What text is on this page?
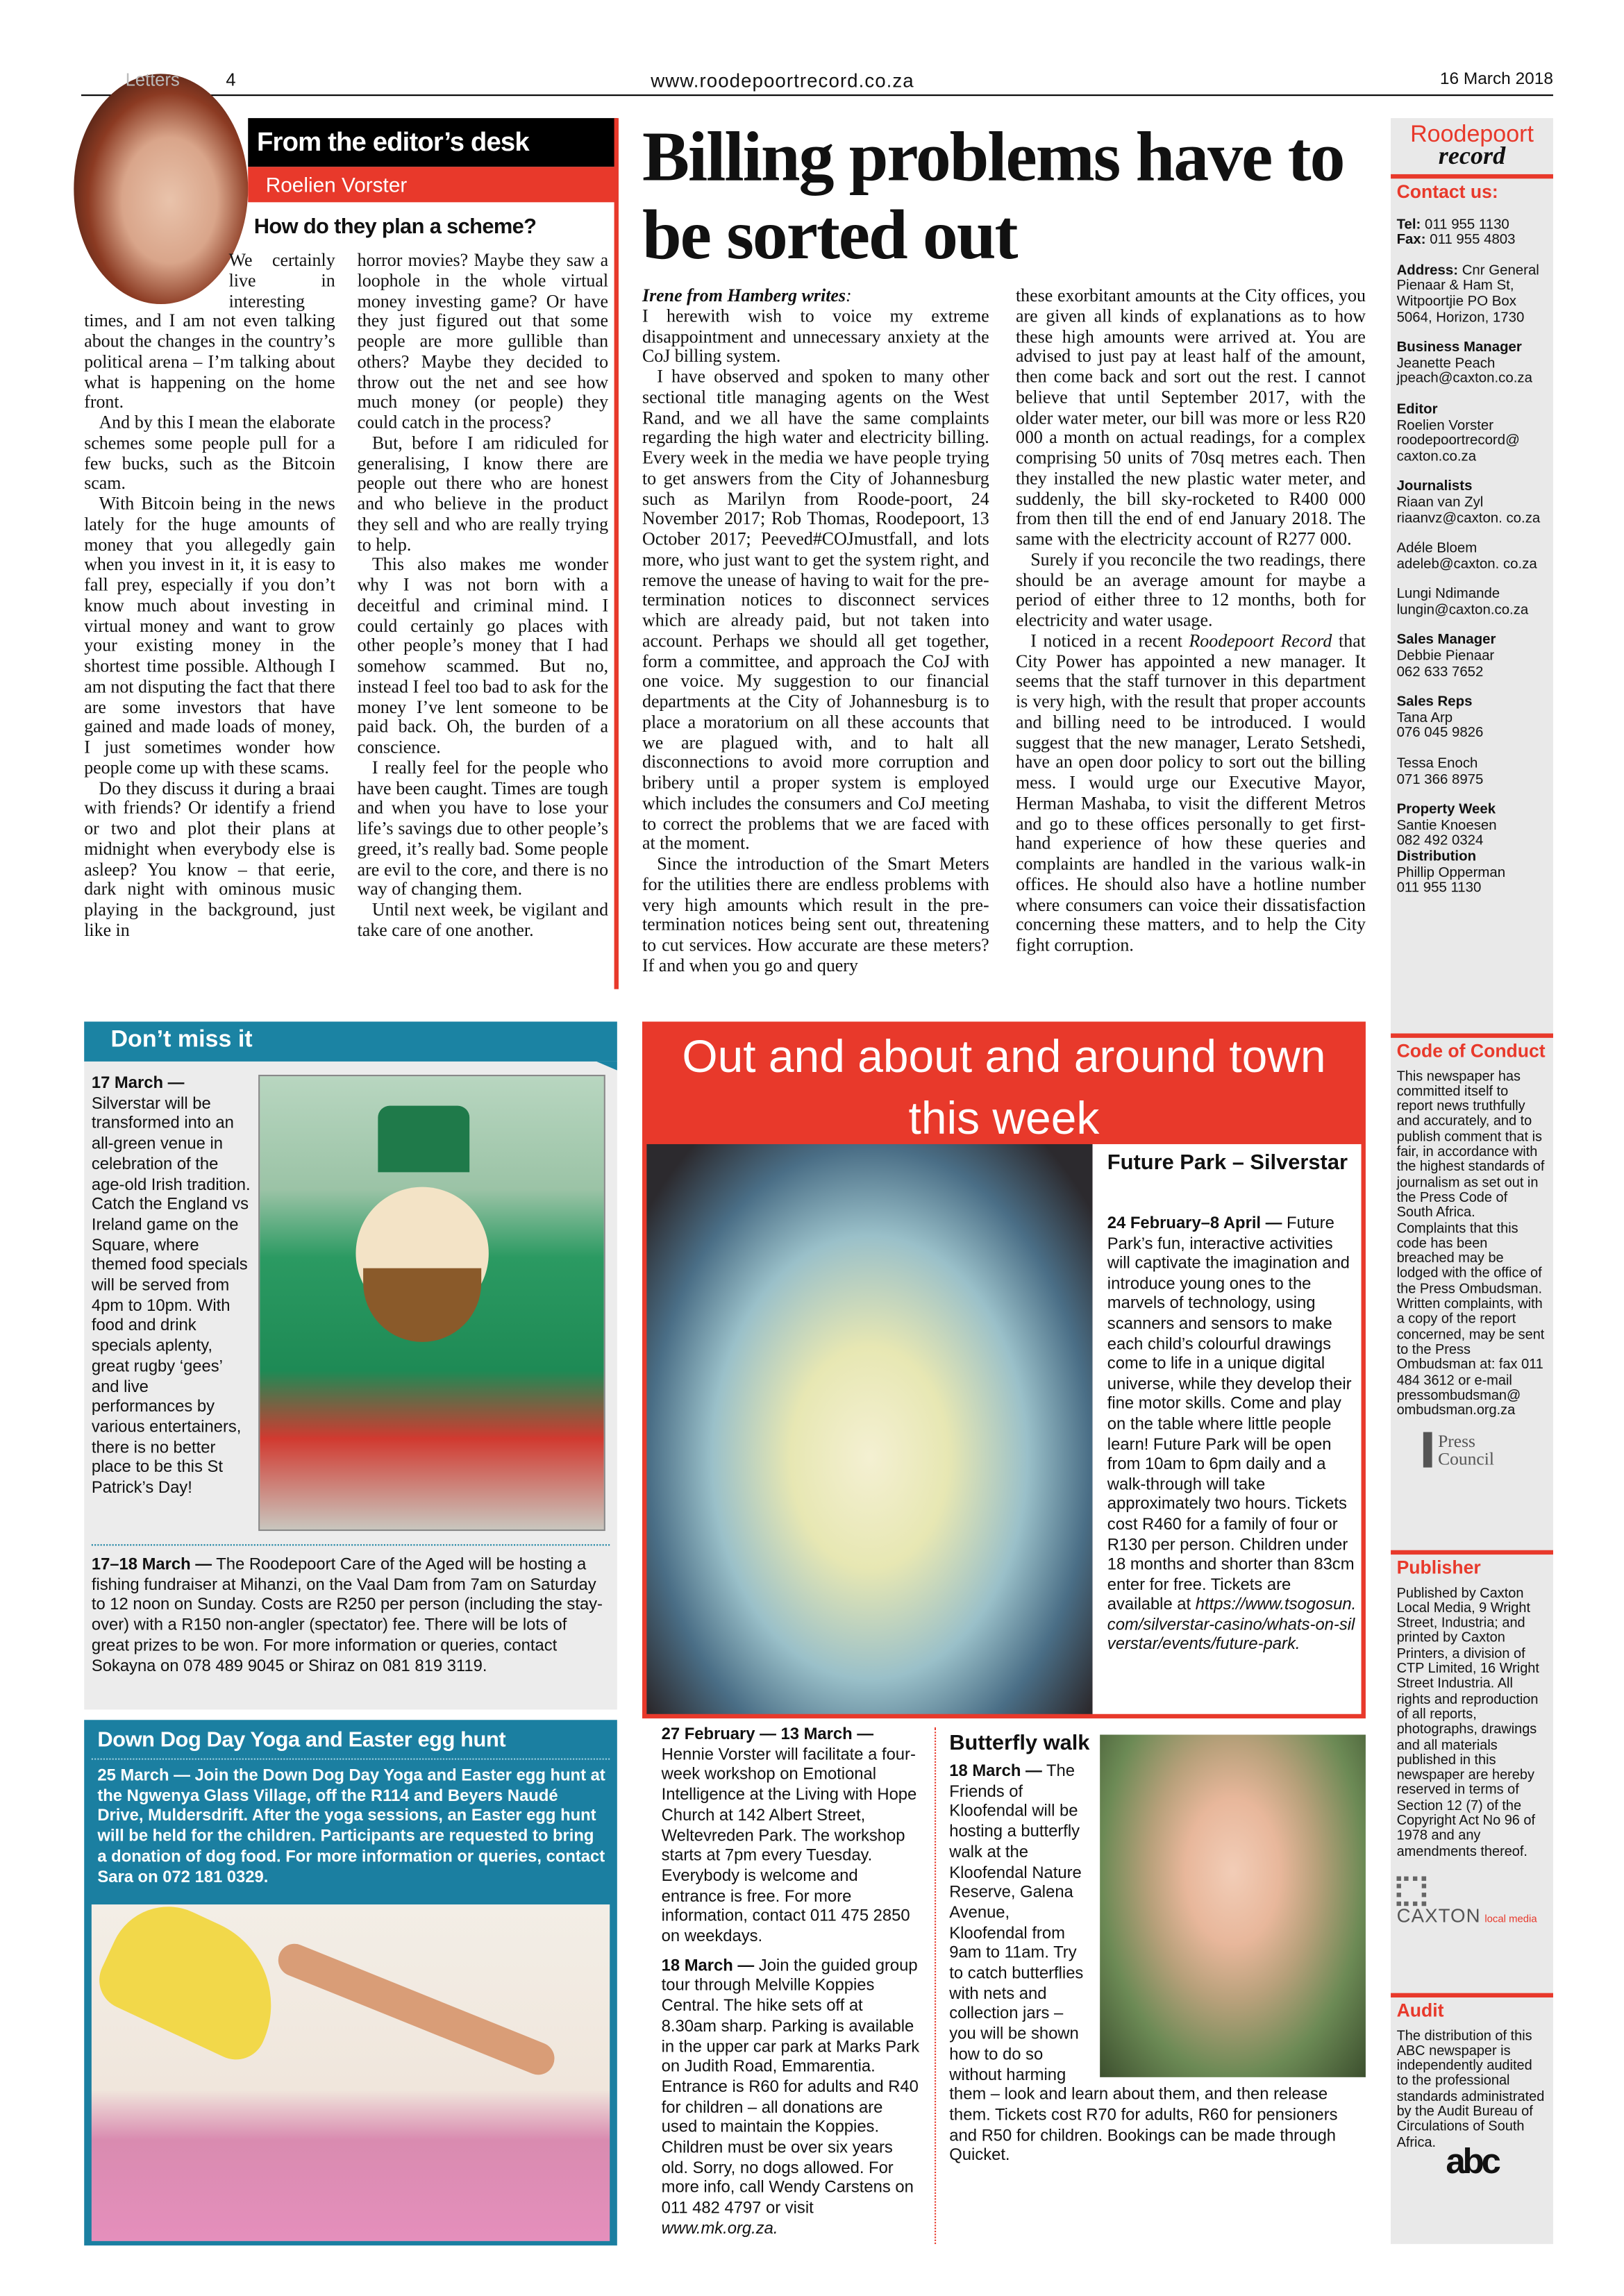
Letters	4	www.roodepoortrecord.co.za	16 March 2018
From the editor’s desk
Roelien Vorster
How do they plan a scheme?

We certainly live in interesting times, and I am not even talking about the changes in the country’s political arena – I’m talking about what is happening on the home front.

And by this I mean the elaborate schemes some people pull for a few bucks, such as the Bitcoin scam.

With Bitcoin being in the news lately for the huge amounts of money that you allegedly gain when you invest in it, it is easy to fall prey, especially if you don’t know much about investing in virtual money and want to grow your existing money in the shortest time possible. Although I am not disputing the fact that there are some investors that have gained and made loads of money, I just sometimes wonder how people come up with these scams.

Do they discuss it during a braai with friends? Or identify a friend or two and plot their plans at midnight when everybody else is asleep? You know – that eerie, dark night with ominous music playing in the background, just like in

horror movies? Maybe they saw a loophole in the whole virtual money investing game? Or have they just figured out that some people are more gullible than others? Maybe they decided to throw out the net and see how much money (or people) they could catch in the process?

But, before I am ridiculed for generalising, I know there are people out there who are honest and who believe in the product they sell and who are really trying to help.

This also makes me wonder why I was not born with a deceitful and criminal mind. I could certainly go places with other people’s money that I had somehow scammed. But no, instead I feel too bad to ask for the money I’ve lent someone to be paid back. Oh, the burden of a conscience.

I really feel for the people who have been caught. Times are tough and when you have to lose your life’s savings due to other people’s greed, it’s really bad. Some people are evil to the core, and there is no way of changing them.

Until next week, be vigilant and take care of one another.

Billing problems have to be sorted out

Irene from Hamberg writes:

I herewith wish to voice my extreme disappointment and unnecessary anxiety at the CoJ billing system.

I have observed and spoken to many other sectional title managing agents on the West Rand, and we all have the same complaints regarding the high water and electricity billing. Every week in the media we have people trying to get answers from the City of Johannesburg such as Marilyn from Roode-poort, 24 November 2017; Rob Thomas, Roodepoort, 13 October 2017; Peeved#COJmustfall, and lots more, who just want to get the system right, and remove the unease of having to wait for the pre-termination notices to disconnect services which are already paid, but not taken into account. Perhaps we should all get together, form a committee, and approach the CoJ with one voice. My suggestion to our financial departments at the City of Johannesburg is to place a moratorium on all these accounts that we are plagued with, and to halt all disconnections to avoid more corruption and bribery until a proper system is employed which includes the consumers and CoJ meeting to correct the problems that we are faced with at the moment.

Since the introduction of the Smart Meters for the utilities there are endless problems with very high amounts which result in the pre-termination notices being sent out, threatening to cut services. How accurate are these meters? If and when you go and query

these exorbitant amounts at the City offices, you are given all kinds of explanations as to how these high amounts were arrived at. You are advised to just pay at least half of the amount, then come back and sort out the rest. I cannot believe that until September 2017, with the older water meter, our bill was more or less R20 000 a month on actual readings, for a complex comprising 50 units of 70sq metres each. Then they installed the new plastic water meter, and suddenly, the bill sky-rocketed to R400 000 from then till the end of end January 2018. The same with the electricity account of R277 000.

Surely if you reconcile the two readings, there should be an average amount for maybe a period of either three to 12 months, both for electricity and water usage.

I noticed in a recent Roodepoort Record that City Power has appointed a new manager. It seems that the staff turnover in this department is very high, with the result that proper accounts and billing need to be introduced. I would suggest that the new manager, Lerato Setshedi, have an open door policy to sort out the billing mess. I would urge our Executive Mayor, Herman Mashaba, to visit the different Metros and go to these offices personally to get first-hand experience of how these queries and complaints are handled in the various walk-in offices. He should also have a hotline number where consumers can voice their dissatisfaction concerning these matters, and to help the City fight corruption.

Roodepoort
record
Contact us:
Tel: 011 955 1130
Fax: 011 955 4803
Address: Cnr General Pienaar & Ham St, Witpoortjie PO Box 5064, Horizon, 1730
Business Manager
Jeanette Peach
jpeach@caxton.co.za
Editor
Roelien Vorster
roodepoortrecord@ caxton.co.za
Journalists
Riaan van Zyl
riaanvz@caxton. co.za
Adéle Bloem
adeleb@caxton. co.za
Lungi Ndimande
lungin@caxton.co.za
Sales Manager
Debbie Pienaar
062 633 7652
Sales Reps
Tana Arp
076 045 9826
Tessa Enoch
071 366 8975
Property Week
Santie Knoesen
082 492 0324
Distribution
Phillip Opperman
011 955 1130
Code of Conduct
This newspaper has committed itself to report news truthfully and accurately, and to publish comment that is fair, in accordance with the highest standards of journalism as set out in the Press Code of South Africa. Complaints that this code has been breached may be lodged with the office of the Press Ombudsman. Written complaints, with a copy of the report concerned, may be sent to the Press Ombudsman at: fax 011 484 3612 or e-mail pressombudsman@ ombudsman.org.za
Press Council
Publisher
Published by Caxton Local Media, 9 Wright Street, Industria; and printed by Caxton Printers, a division of CTP Limited, 16 Wright Street Industria. All rights and reproduction of all reports, photographs, drawings and all materials published in this newspaper are hereby reserved in terms of Section 12 (7) of the Copyright Act No 96 of 1978 and any amendments thereof.
CAXTON local media
Audit
The distribution of this ABC newspaper is independently audited to the professional standards administrated by the Audit Bureau of Circulations of South Africa.
abc
Don’t miss it
17 March — Silverstar will be transformed into an all-green venue in celebration of the age-old Irish tradition. Catch the England vs Ireland game on the Square, where themed food specials will be served from 4pm to 10pm. With food and drink specials aplenty, great rugby ‘gees’ and live performances by various entertainers, there is no better place to be this St Patrick’s Day!
17–18 March — The Roodepoort Care of the Aged will be hosting a fishing fundraiser at Mihanzi, on the Vaal Dam from 7am on Saturday to 12 noon on Sunday. Costs are R250 per person (including the stay-over) with a R150 non-angler (spectator) fee. There will be lots of great prizes to be won. For more information or queries, contact Sokayna on 078 489 9045 or Shiraz on 081 819 3119.
Down Dog Day Yoga and Easter egg hunt
25 March — Join the Down Dog Day Yoga and Easter egg hunt at the Ngwenya Glass Village, off the R114 and Beyers Naudé Drive, Muldersdrift. After the yoga sessions, an Easter egg hunt will be held for the children. Participants are requested to bring a donation of dog food. For more information or queries, contact Sara on 072 181 0329.
Out and about and around town this week
Future Park – Silverstar
24 February–8 April — Future Park’s fun, interactive activities will captivate the imagination and introduce young ones to the marvels of technology, using scanners and sensors to make each child’s colourful drawings come to life in a unique digital universe, while they develop their fine motor skills. Come and play on the table where little people learn! Future Park will be open from 10am to 6pm daily and a walk-through will take approximately two hours. Tickets cost R460 for a family of four or R130 per person. Children under 18 months and shorter than 83cm enter for free. Tickets are available at https://www.tsogosun.com/silverstar-casino/whats-on-silverstar/events/future-park.

27 February — 13 March — Hennie Vorster will facilitate a four-week workshop on Emotional Intelligence at the Living with Hope Church at 142 Albert Street, Weltevreden Park. The workshop starts at 7pm every Tuesday. Everybody is welcome and entrance is free. For more information, contact 011 475 2850 on weekdays.

18 March — Join the guided group tour through Melville Koppies Central. The hike sets off at 8.30am sharp. Parking is available in the upper car park at Marks Park on Judith Road, Emmarentia. Entrance is R60 for adults and R40 for children – all donations are used to maintain the Koppies. Children must be over six years old. Sorry, no dogs allowed. For more info, call Wendy Carstens on 011 482 4797 or visit www.mk.org.za.

Butterfly walk
18 March — The Friends of Kloofendal will be hosting a butterfly walk at the Kloofendal Nature Reserve, Galena Avenue, Kloofendal from 9am to 11am. Try to catch butterflies with nets and collection jars – you will be shown how to do so without harming them – look and learn about them, and then release them. Tickets cost R70 for adults, R60 for pensioners and R50 for children. Bookings can be made through Quicket.
